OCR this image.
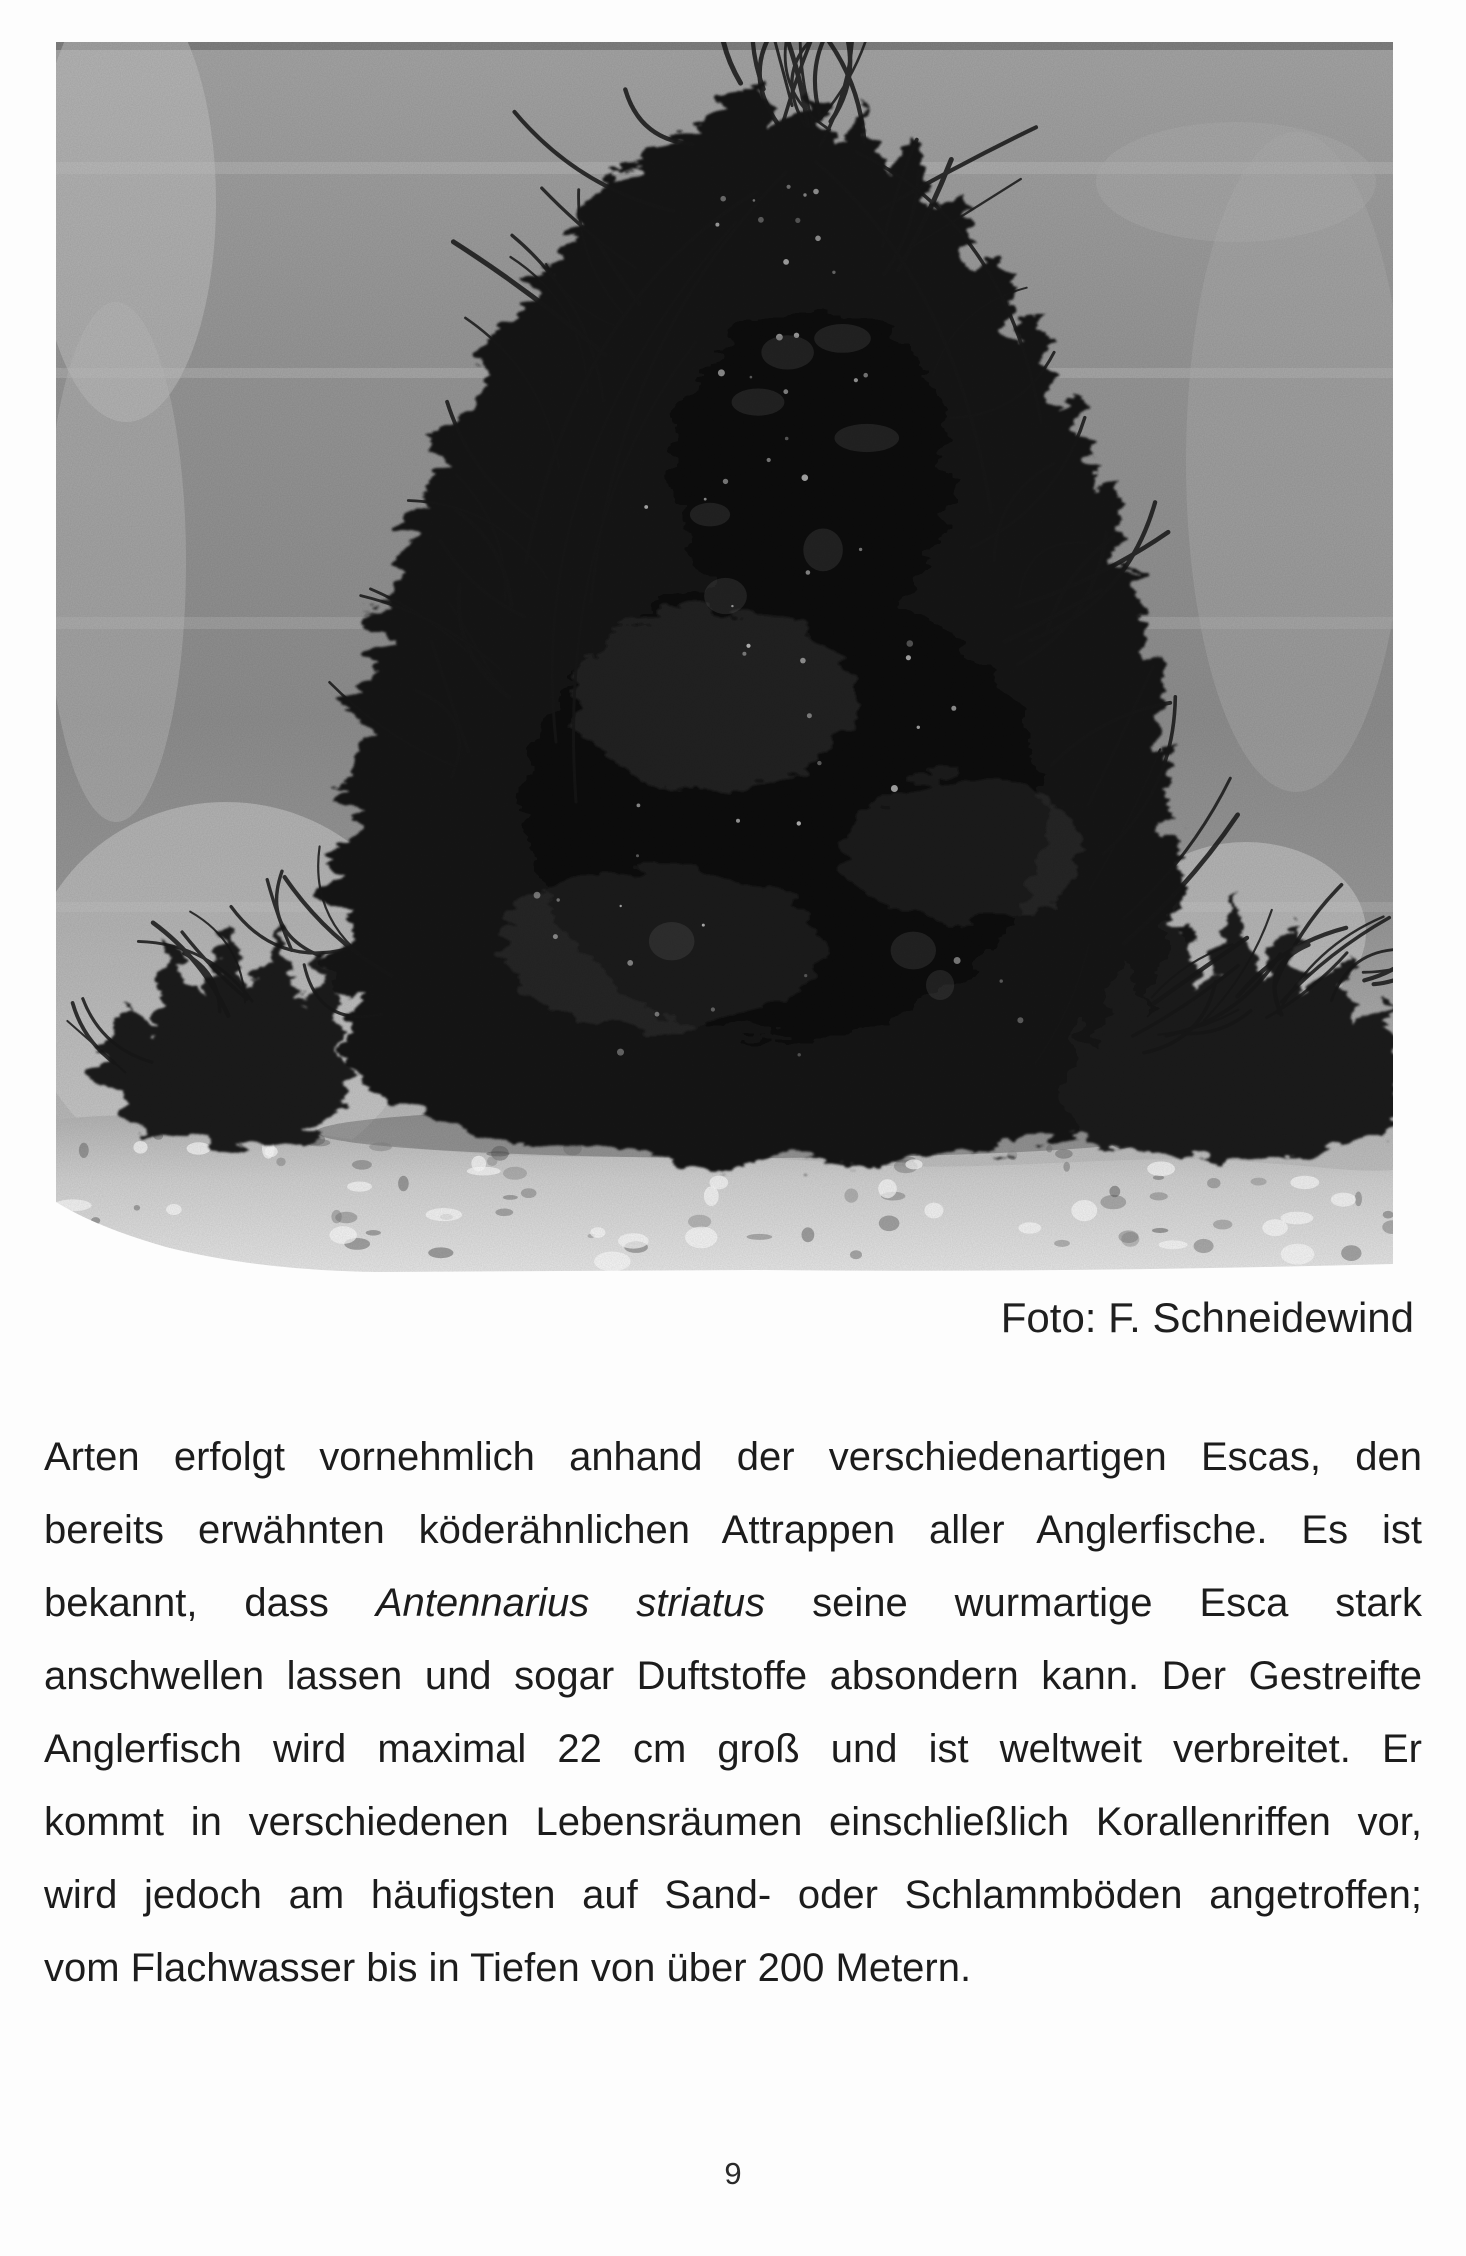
Foto: F. Schneidewind
Arten erfolgt vornehmlich anhand der verschiedenartigen Escas, den
bereits erwähnten köderähnlichen Attrappen aller Anglerfische. Es ist
bekannt, dass Antennarius striatus seine wurmartige Esca stark
anschwellen lassen und sogar Duftstoffe absondern kann. Der Gestreifte
Anglerfisch wird maximal 22 cm groß und ist weltweit verbreitet. Er
kommt in verschiedenen Lebensräumen einschließlich Korallenriffen vor,
wird jedoch am häufigsten auf Sand- oder Schlammböden angetroffen;
vom Flachwasser bis in Tiefen von über 200 Metern.
9
